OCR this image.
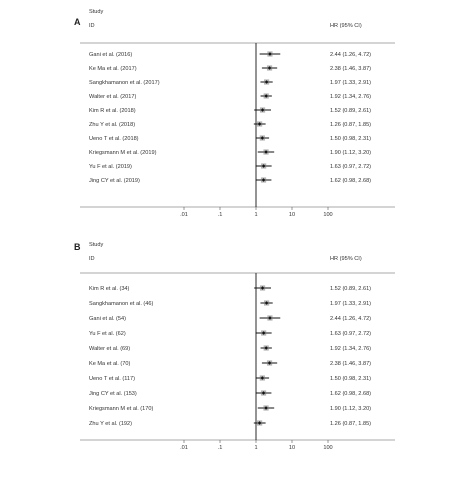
A
Study
ID	HR (95% CI)
.01	.1	1	10	100
Gani et al. (2016)	2.44 (1.26, 4.72)
Ke Ma et al. (2017)	2.38 (1.46, 3.87)
Sangkhamanon et al. (2017)	1.97 (1.33, 2.91)
Walter et al. (2017)	1.92 (1.34, 2.76)
Kim R et al. (2018)	1.52 (0.89, 2.61)
Zhu Y et al. (2018)	1.26 (0.87, 1.85)
Ueno T et al. (2018)	1.50 (0.98, 2.31)
Kriegsmann M et al. (2019)	1.90 (1.12, 3.20)
Yu F et al. (2019)	1.63 (0.97, 2.72)
Jing CY et al. (2019)	1.62 (0.98, 2.68)
B Study
ID	HR (95% CI)
.01	.1	1	10	100
Kim R et al. (34)	1.52 (0.89, 2.61)
Sangkhamanon et al. (46)	1.97 (1.33, 2.91)
Gani et al. (54)	2.44 (1.26, 4.72)
Yu F et al. (62)	1.63 (0.97, 2.72)
Walter et al. (69)	1.92 (1.34, 2.76)
Ke Ma et al. (70)	2.38 (1.46, 3.87)
Ueno T et al. (117)	1.50 (0.98, 2.31)
Jing CY et al. (153)	1.62 (0.98, 2.68)
Kriegsmann M et al. (170)	1.90 (1.12, 3.20)
Zhu Y et al. (192)	1.26 (0.87, 1.85)
